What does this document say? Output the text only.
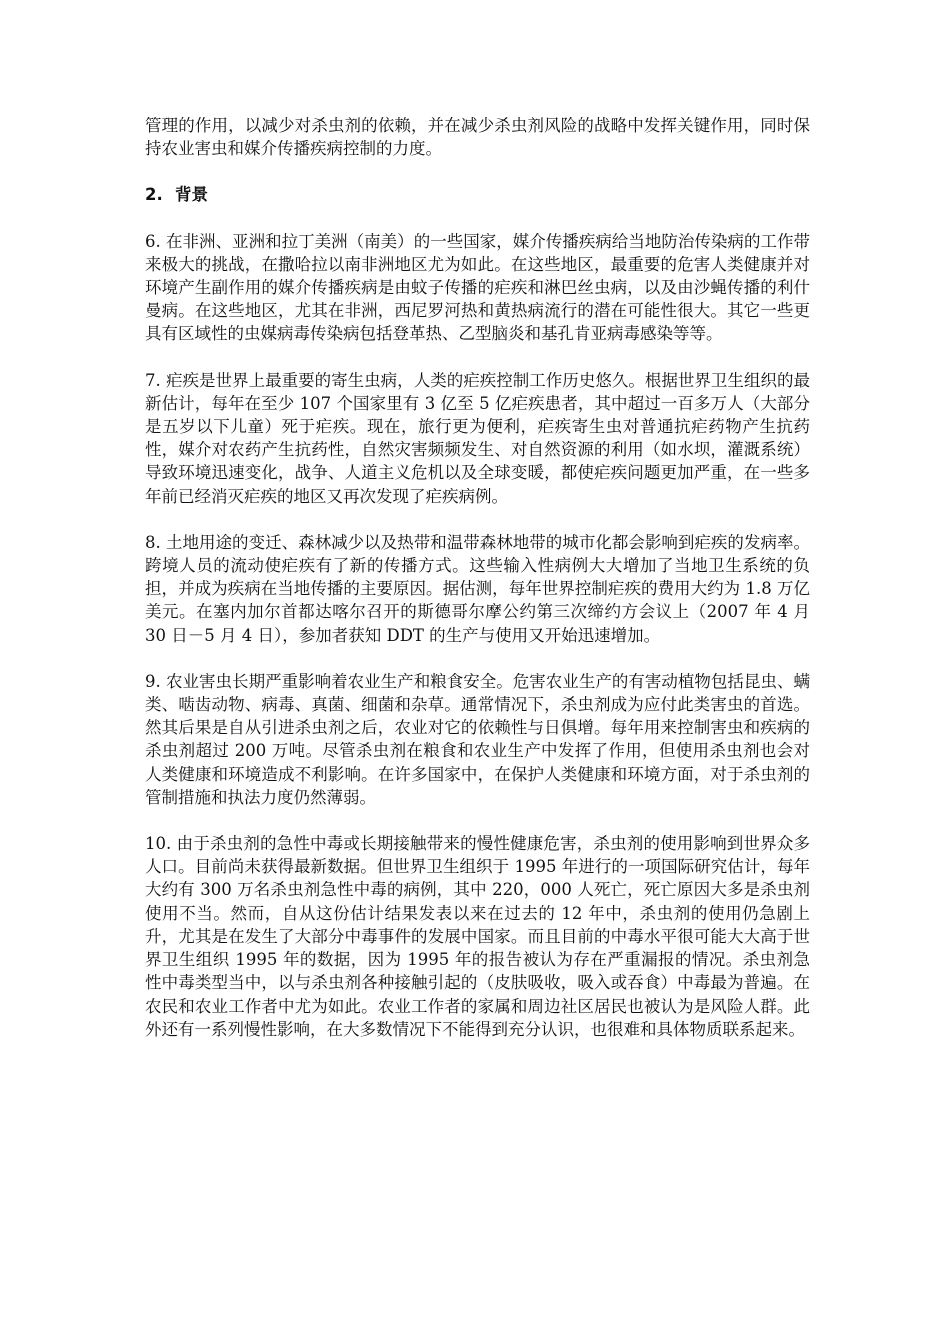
管理的作用，以减少对杀虫剂的依赖，并在减少杀虫剂风险的战略中发挥关键作用，同时保持农业害虫和媒介传播疾病控制的力度。

2. 背景

6. 在非洲、亚洲和拉丁美洲（南美）的一些国家，媒介传播疾病给当地防治传染病的工作带来极大的挑战，在撒哈拉以南非洲地区尤为如此。在这些地区，最重要的危害人类健康并对环境产生副作用的媒介传播疾病是由蚊子传播的疟疾和淋巴丝虫病，以及由沙蝇传播的利什曼病。在这些地区，尤其在非洲，西尼罗河热和黄热病流行的潜在可能性很大。其它一些更具有区域性的虫媒病毒传染病包括登革热、乙型脑炎和基孔肯亚病毒感染等等。

7. 疟疾是世界上最重要的寄生虫病，人类的疟疾控制工作历史悠久。根据世界卫生组织的最新估计，每年在至少 107 个国家里有 3 亿至 5 亿疟疾患者，其中超过一百多万人（大部分是五岁以下儿童）死于疟疾。现在，旅行更为便利，疟疾寄生虫对普通抗疟药物产生抗药性，媒介对农药产生抗药性，自然灾害频频发生、对自然资源的利用（如水坝，灌溉系统）导致环境迅速变化，战争、人道主义危机以及全球变暖，都使疟疾问题更加严重，在一些多年前已经消灭疟疾的地区又再次发现了疟疾病例。

8. 土地用途的变迁、森林减少以及热带和温带森林地带的城市化都会影响到疟疾的发病率。跨境人员的流动使疟疾有了新的传播方式。这些输入性病例大大增加了当地卫生系统的负担，并成为疾病在当地传播的主要原因。据估测，每年世界控制疟疾的费用大约为 1.8 万亿美元。在塞内加尔首都达喀尔召开的斯德哥尔摩公约第三次缔约方会议上（2007 年 4 月 30 日－5 月 4 日），参加者获知 DDT 的生产与使用又开始迅速增加。

9. 农业害虫长期严重影响着农业生产和粮食安全。危害农业生产的有害动植物包括昆虫、螨类、啮齿动物、病毒、真菌、细菌和杂草。通常情况下，杀虫剂成为应付此类害虫的首选。然其后果是自从引进杀虫剂之后，农业对它的依赖性与日俱增。每年用来控制害虫和疾病的杀虫剂超过 200 万吨。尽管杀虫剂在粮食和农业生产中发挥了作用，但使用杀虫剂也会对人类健康和环境造成不利影响。在许多国家中，在保护人类健康和环境方面，对于杀虫剂的管制措施和执法力度仍然薄弱。

10. 由于杀虫剂的急性中毒或长期接触带来的慢性健康危害，杀虫剂的使用影响到世界众多人口。目前尚未获得最新数据。但世界卫生组织于 1995 年进行的一项国际研究估计，每年大约有 300 万名杀虫剂急性中毒的病例，其中 220，000 人死亡，死亡原因大多是杀虫剂使用不当。然而，自从这份估计结果发表以来在过去的 12 年中，杀虫剂的使用仍急剧上升，尤其是在发生了大部分中毒事件的发展中国家。而且目前的中毒水平很可能大大高于世界卫生组织 1995 年的数据，因为 1995 年的报告被认为存在严重漏报的情况。杀虫剂急性中毒类型当中，以与杀虫剂各种接触引起的（皮肤吸收，吸入或吞食）中毒最为普遍。在农民和农业工作者中尤为如此。农业工作者的家属和周边社区居民也被认为是风险人群。此外还有一系列慢性影响，在大多数情况下不能得到充分认识，也很难和具体物质联系起来。
